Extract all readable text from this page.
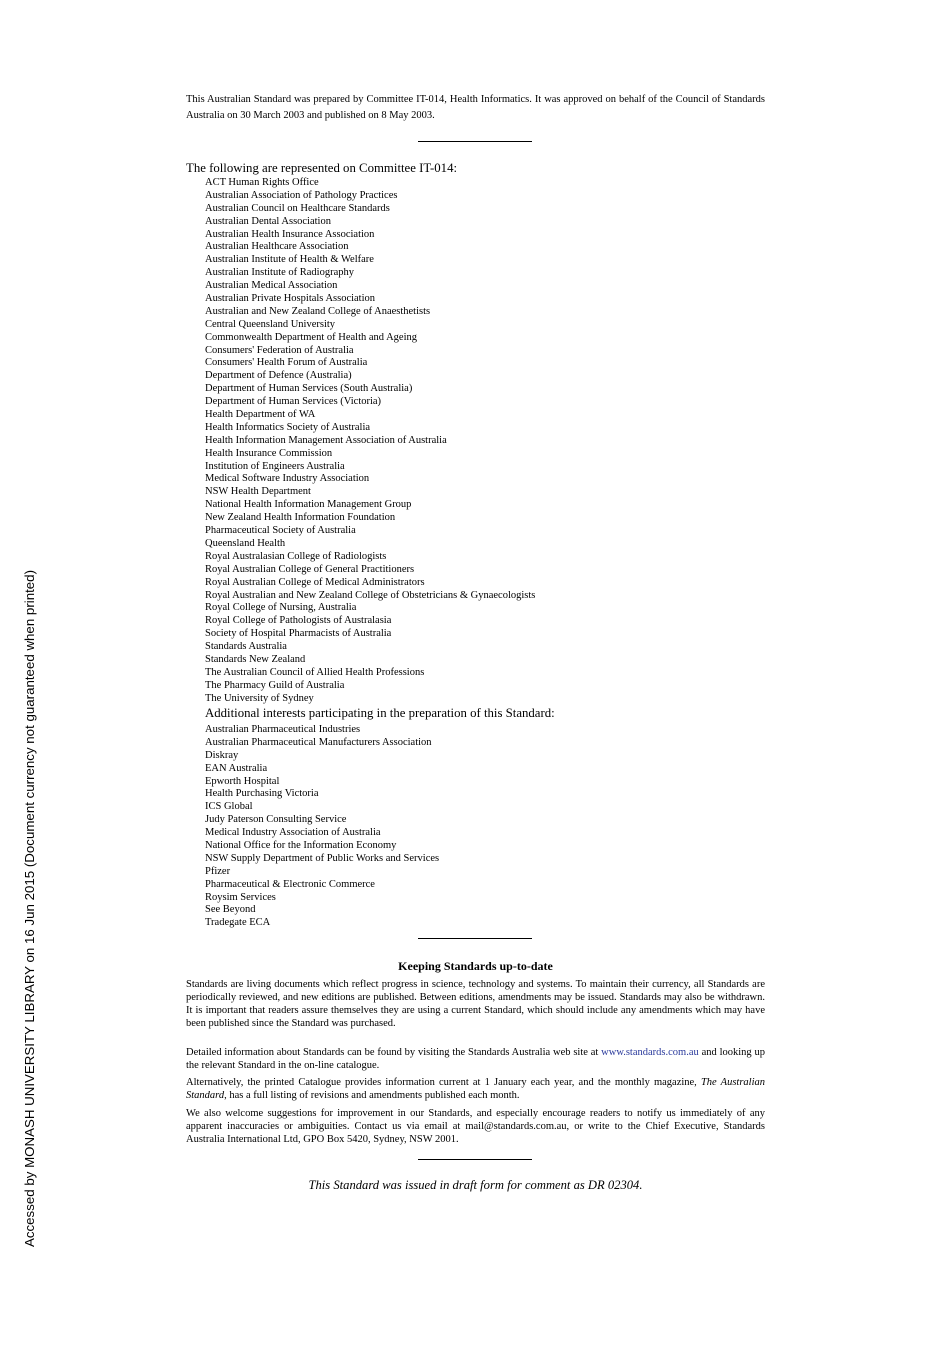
Accessed by MONASH UNIVERSITY LIBRARY on 16 Jun 2015 (Document currency not guaranteed when printed)
This Australian Standard was prepared by Committee IT-014, Health Informatics. It was approved on behalf of the Council of Standards Australia on 30 March 2003 and published on 8 May 2003.
The following are represented on Committee IT-014:
ACT Human Rights Office
Australian Association of Pathology Practices
Australian Council on Healthcare Standards
Australian Dental Association
Australian Health Insurance Association
Australian Healthcare Association
Australian Institute of Health & Welfare
Australian Institute of Radiography
Australian Medical Association
Australian Private Hospitals Association
Australian and New Zealand College of Anaesthetists
Central Queensland University
Commonwealth Department of Health and Ageing
Consumers' Federation of Australia
Consumers' Health Forum of Australia
Department of Defence (Australia)
Department of Human Services (South Australia)
Department of Human Services (Victoria)
Health Department of WA
Health Informatics Society of Australia
Health Information Management Association of Australia
Health Insurance Commission
Institution of Engineers Australia
Medical Software Industry Association
NSW Health Department
National Health Information Management Group
New Zealand Health Information Foundation
Pharmaceutical Society of Australia
Queensland Health
Royal Australasian College of Radiologists
Royal Australian College of General Practitioners
Royal Australian College of Medical Administrators
Royal Australian and New Zealand College of Obstetricians & Gynaecologists
Royal College of Nursing, Australia
Royal College of Pathologists of Australasia
Society of Hospital Pharmacists of Australia
Standards Australia
Standards New Zealand
The Australian Council of Allied Health Professions
The Pharmacy Guild of Australia
The University of Sydney
Additional interests participating in the preparation of this Standard:
Australian Pharmaceutical Industries
Australian Pharmaceutical Manufacturers Association
Diskray
EAN Australia
Epworth Hospital
Health Purchasing Victoria
ICS Global
Judy Paterson Consulting Service
Medical Industry Association of Australia
National Office for the Information Economy
NSW Supply Department of Public Works and Services
Pfizer
Pharmaceutical & Electronic Commerce
Roysim Services
See Beyond
Tradegate ECA
Keeping Standards up-to-date
Standards are living documents which reflect progress in science, technology and systems. To maintain their currency, all Standards are periodically reviewed, and new editions are published. Between editions, amendments may be issued. Standards may also be withdrawn. It is important that readers assure themselves they are using a current Standard, which should include any amendments which may have been published since the Standard was purchased.
Detailed information about Standards can be found by visiting the Standards Australia web site at www.standards.com.au and looking up the relevant Standard in the on-line catalogue.
Alternatively, the printed Catalogue provides information current at 1 January each year, and the monthly magazine, The Australian Standard, has a full listing of revisions and amendments published each month.
We also welcome suggestions for improvement in our Standards, and especially encourage readers to notify us immediately of any apparent inaccuracies or ambiguities. Contact us via email at mail@standards.com.au, or write to the Chief Executive, Standards Australia International Ltd, GPO Box 5420, Sydney, NSW 2001.
This Standard was issued in draft form for comment as DR 02304.
